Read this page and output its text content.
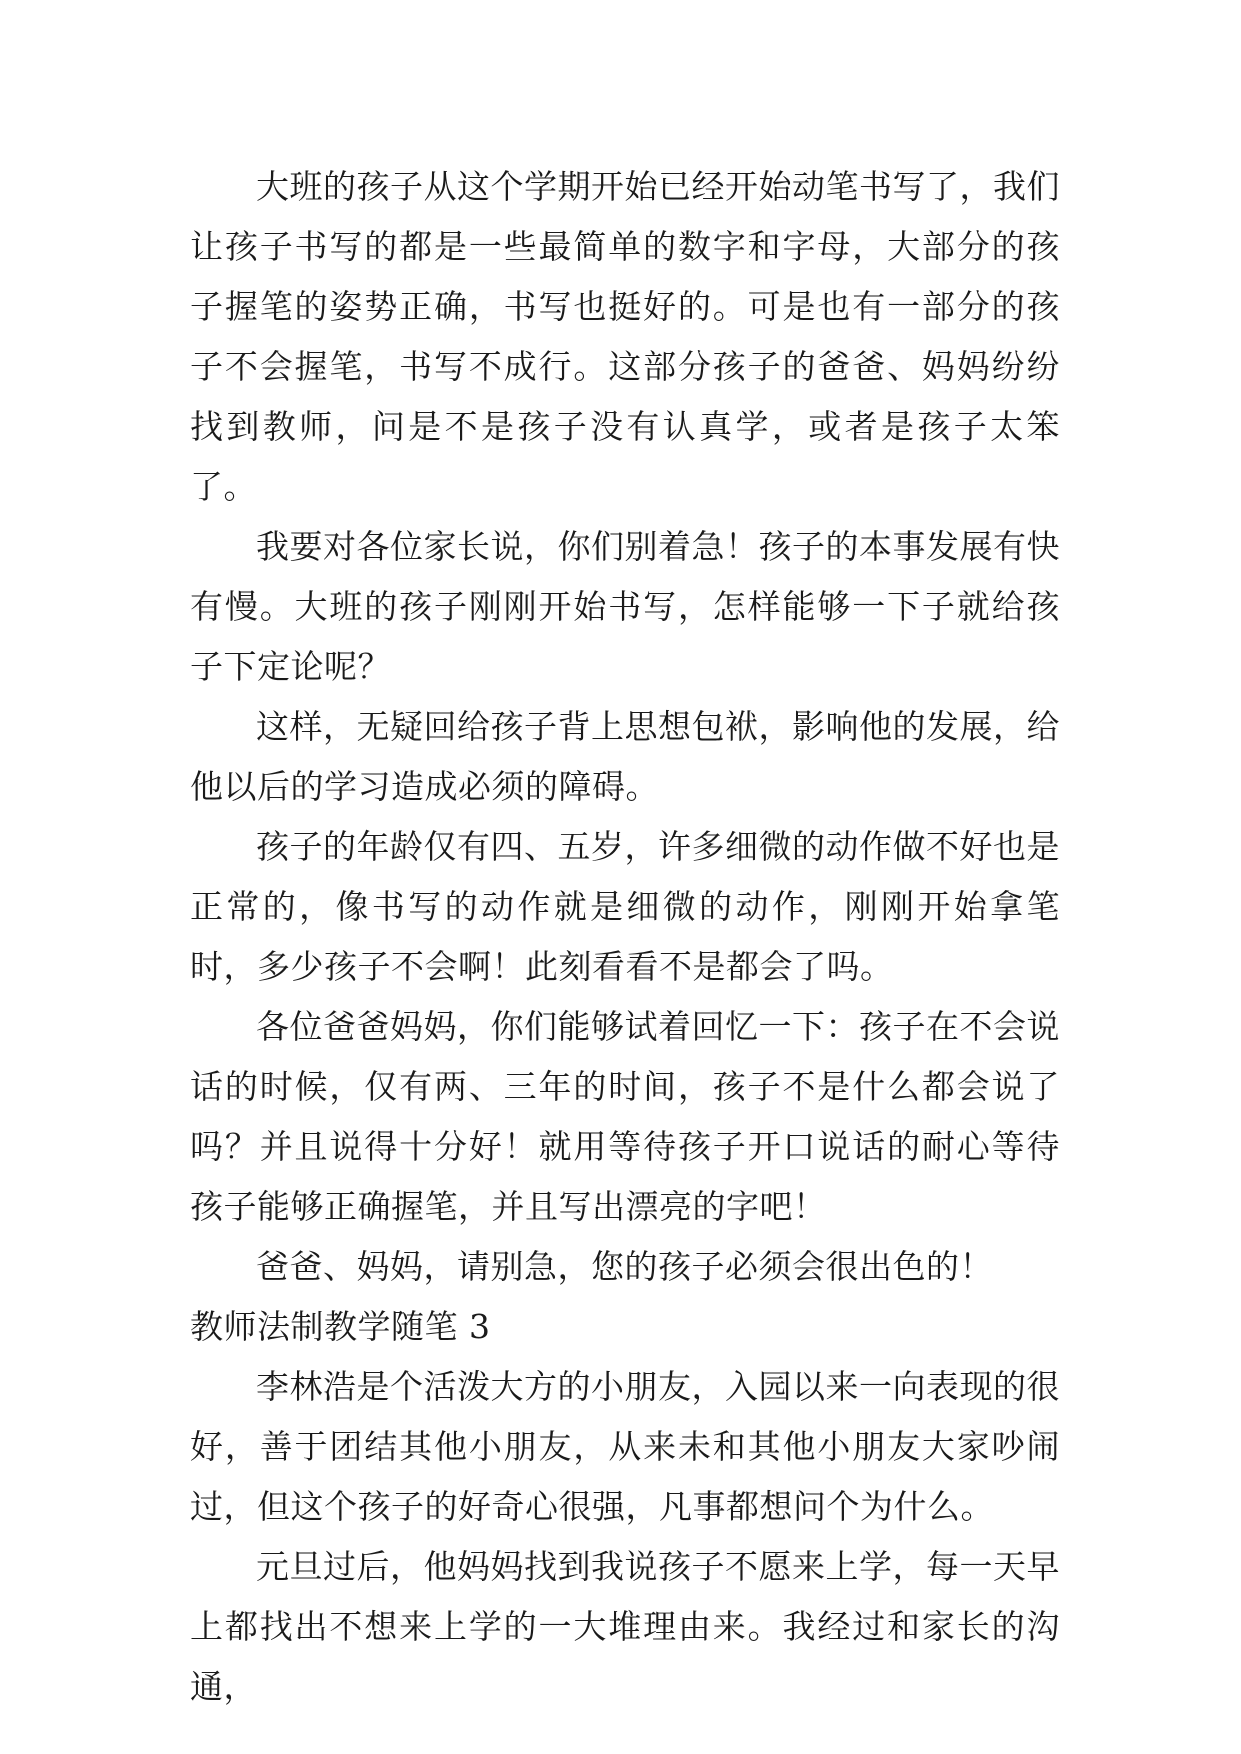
大班的孩子从这个学期开始已经开始动笔书写了，我们让孩子书写的都是一些最简单的数字和字母，大部分的孩子握笔的姿势正确，书写也挺好的。可是也有一部分的孩子不会握笔，书写不成行。这部分孩子的爸爸、妈妈纷纷找到教师，问是不是孩子没有认真学，或者是孩子太笨了。

我要对各位家长说，你们别着急！孩子的本事发展有快有慢。大班的孩子刚刚开始书写，怎样能够一下子就给孩子下定论呢？

这样，无疑回给孩子背上思想包袱，影响他的发展，给他以后的学习造成必须的障碍。

孩子的年龄仅有四、五岁，许多细微的动作做不好也是正常的，像书写的动作就是细微的动作，刚刚开始拿笔时，多少孩子不会啊！此刻看看不是都会了吗。

各位爸爸妈妈，你们能够试着回忆一下：孩子在不会说话的时候，仅有两、三年的时间，孩子不是什么都会说了吗？并且说得十分好！就用等待孩子开口说话的耐心等待孩子能够正确握笔，并且写出漂亮的字吧！

爸爸、妈妈，请别急，您的孩子必须会很出色的！

教师法制教学随笔 3

李林浩是个活泼大方的小朋友，入园以来一向表现的很好，善于团结其他小朋友，从来未和其他小朋友大家吵闹过，但这个孩子的好奇心很强，凡事都想问个为什么。

元旦过后，他妈妈找到我说孩子不愿来上学，每一天早上都找出不想来上学的一大堆理由来。我经过和家长的沟通，
